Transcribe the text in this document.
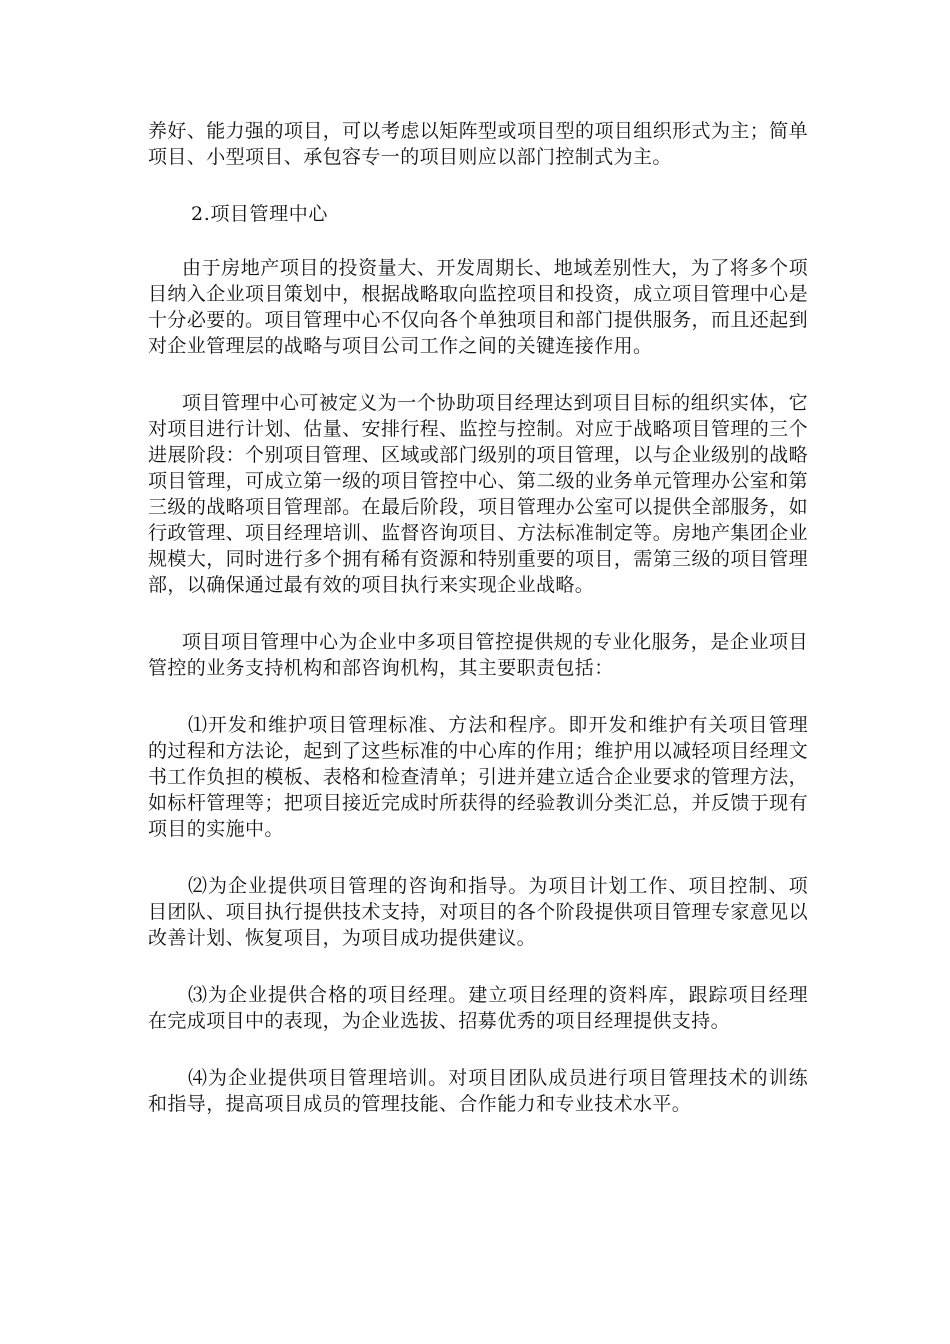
养好、能力强的项目，可以考虑以矩阵型或项目型的项目组织形式为主；简单项目、小型项目、承包容专一的项目则应以部门控制式为主。

2.项目管理中心

由于房地产项目的投资量大、开发周期长、地域差别性大，为了将多个项目纳入企业项目策划中，根据战略取向监控项目和投资，成立项目管理中心是十分必要的。项目管理中心不仅向各个单独项目和部门提供服务，而且还起到对企业管理层的战略与项目公司工作之间的关键连接作用。

项目管理中心可被定义为一个协助项目经理达到项目目标的组织实体，它对项目进行计划、估量、安排行程、监控与控制。对应于战略项目管理的三个进展阶段：个别项目管理、区域或部门级别的项目管理，以与企业级别的战略项目管理，可成立第一级的项目管控中心、第二级的业务单元管理办公室和第三级的战略项目管理部。在最后阶段，项目管理办公室可以提供全部服务，如行政管理、项目经理培训、监督咨询项目、方法标准制定等。房地产集团企业规模大，同时进行多个拥有稀有资源和特别重要的项目，需第三级的项目管理部，以确保通过最有效的项目执行来实现企业战略。

项目项目管理中心为企业中多项目管控提供规的专业化服务，是企业项目管控的业务支持机构和部咨询机构，其主要职责包括：

⑴开发和维护项目管理标准、方法和程序。即开发和维护有关项目管理的过程和方法论，起到了这些标准的中心库的作用；维护用以减轻项目经理文书工作负担的模板、表格和检查清单；引进并建立适合企业要求的管理方法，如标杆管理等；把项目接近完成时所获得的经验教训分类汇总，并反馈于现有项目的实施中。

⑵为企业提供项目管理的咨询和指导。为项目计划工作、项目控制、项目团队、项目执行提供技术支持，对项目的各个阶段提供项目管理专家意见以改善计划、恢复项目，为项目成功提供建议。

⑶为企业提供合格的项目经理。建立项目经理的资料库，跟踪项目经理在完成项目中的表现，为企业选拔、招募优秀的项目经理提供支持。

⑷为企业提供项目管理培训。对项目团队成员进行项目管理技术的训练和指导，提高项目成员的管理技能、合作能力和专业技术水平。
